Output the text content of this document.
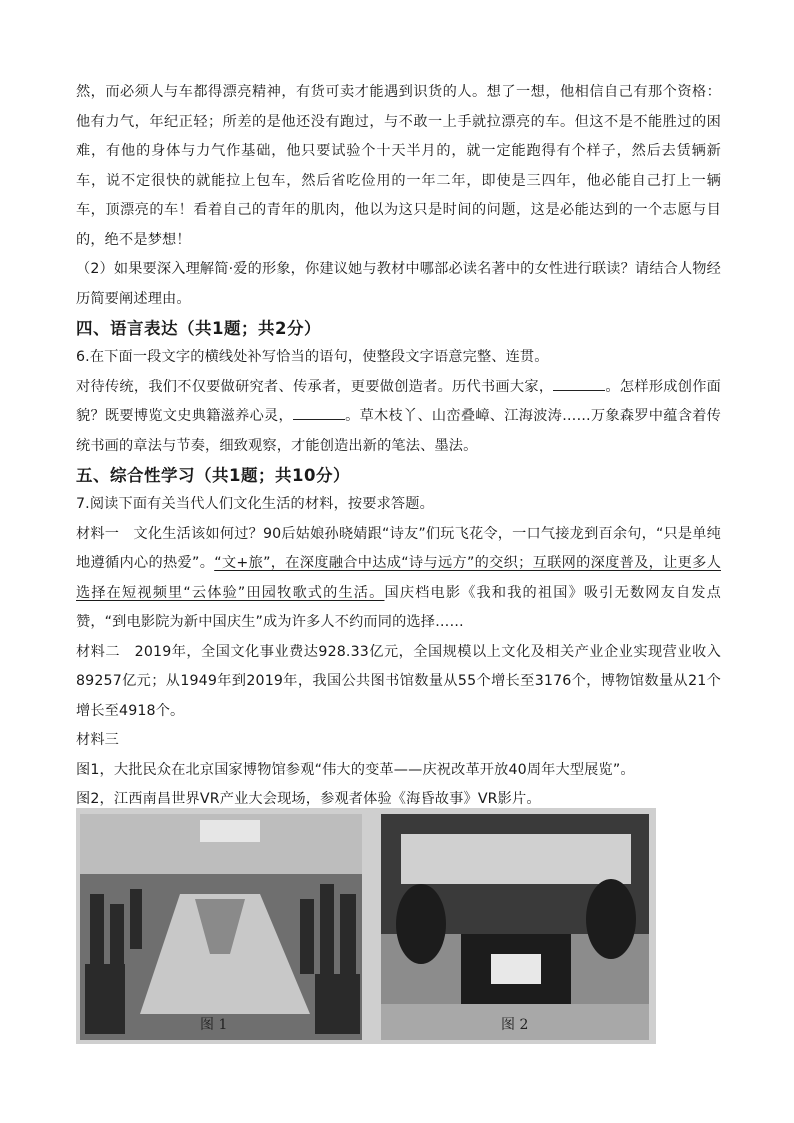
然，而必须人与车都得漂亮精神，有货可卖才能遇到识货的人。想了一想，他相信自己有那个资格：他有力气，年纪正轻；所差的是他还没有跑过，与不敢一上手就拉漂亮的车。但这不是不能胜过的困难，有他的身体与力气作基础，他只要试验个十天半月的，就一定能跑得有个样子，然后去赁辆新车，说不定很快的就能拉上包车，然后省吃俭用的一年二年，即使是三四年，他必能自己打上一辆车，顶漂亮的车！看着自己的青年的肌肉，他以为这只是时间的问题，这是必能达到的一个志愿与目的，绝不是梦想！

（2）如果要深入理解简·爱的形象，你建议她与教材中哪部必读名著中的女性进行联读？请结合人物经历简要阐述理由。

四、语言表达（共1题；共2分）

6.在下面一段文字的横线处补写恰当的语句，使整段文字语意完整、连贯。

对待传统，我们不仅要做研究者、传承者，更要做创造者。历代书画大家，	。怎样形成创作面貌？既要博览文史典籍滋养心灵，	。草木枝丫、山峦叠嶂、江海波涛……万象森罗中蕴含着传统书画的章法与节奏，细致观察，才能创造出新的笔法、墨法。

五、综合性学习（共1题；共10分）

7.阅读下面有关当代人们文化生活的材料，按要求答题。

材料一　文化生活该如何过？90后姑娘孙晓婧跟“诗友”们玩飞花令，一口气接龙到百余句，“只是单纯地遵循内心的热爱”。“文+旅”，在深度融合中达成“诗与远方”的交织；互联网的深度普及，让更多人选择在短视频里“云体验”田园牧歌式的生活。国庆档电影《我和我的祖国》吸引无数网友自发点赞，“到电影院为新中国庆生”成为许多人不约而同的选择……

材料二　2019年，全国文化事业费达928.33亿元，全国规模以上文化及相关产业企业实现营业收入89257亿元；从1949年到2019年，我国公共图书馆数量从55个增长至3176个，博物馆数量从21个增长至4918个。

材料三

图1，大批民众在北京国家博物馆参观“伟大的变革——庆祝改革开放40周年大型展览”。

图2，江西南昌世界VR产业大会现场，参观者体验《海昏故事》VR影片。

图 1	图 2
